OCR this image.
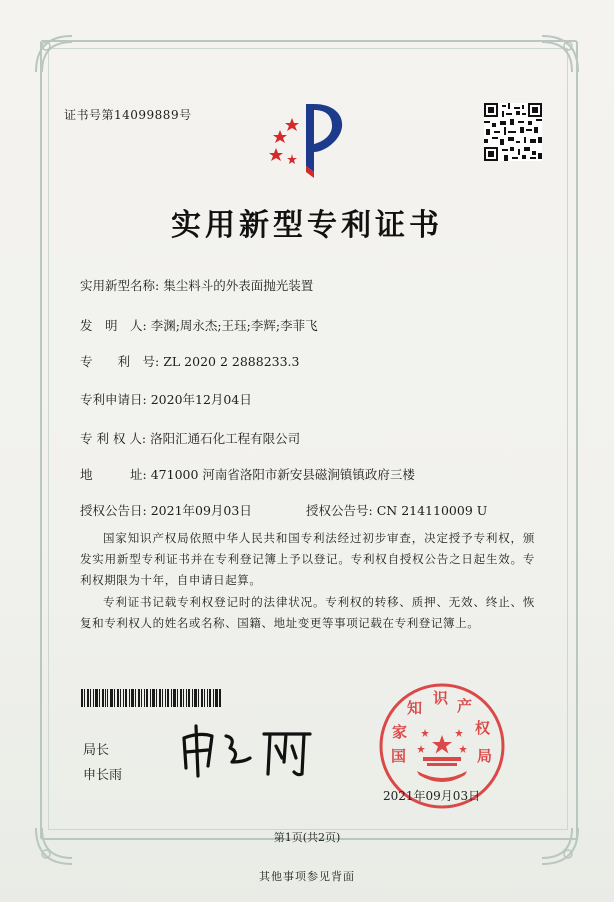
证书号第14099889号
实用新型专利证书
实用新型名称: 集尘料斗的外表面抛光装置
发　明　人: 李渊;周永杰;王珏;李辉;李菲飞
专　　利　号: ZL 2020 2 2888233.3
专利申请日: 2020年12月04日
专 利 权 人: 洛阳汇通石化工程有限公司
地　　　址: 471000 河南省洛阳市新安县磁涧镇镇政府三楼
授权公告日: 2021年09月03日	授权公告号: CN 214110009 U
国家知识产权局依照中华人民共和国专利法经过初步审查，决定授予专利权，颁发实用新型专利证书并在专利登记簿上予以登记。专利权自授权公告之日起生效。专利权期限为十年，自申请日起算。
专利证书记载专利权登记时的法律状况。专利权的转移、质押、无效、终止、恢复和专利权人的姓名或名称、国籍、地址变更等事项记载在专利登记簿上。
局长
申长雨
国 家 知 识 产 权 局
2021年09月03日
第1页(共2页)
其他事项参见背面
